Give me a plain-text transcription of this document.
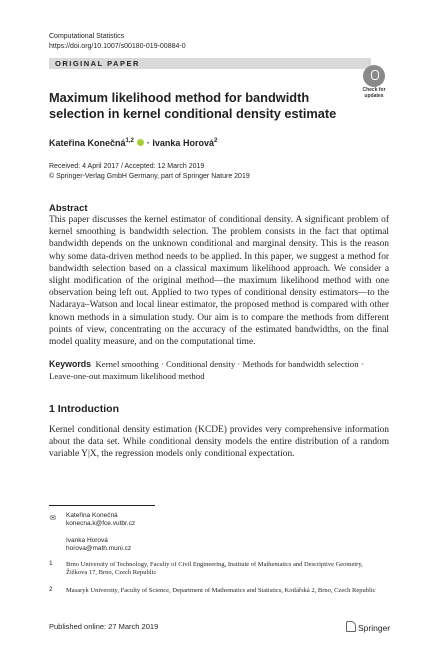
Computational Statistics
https://doi.org/10.1007/s00180-019-00884-0
ORIGINAL PAPER
Check for
updates
Maximum likelihood method for bandwidth selection in kernel conditional density estimate
Kateřina Konečná$^{1,2}$ · Ivanka Horová$^2$
Received: 4 April 2017 / Accepted: 12 March 2019
© Springer-Verlag GmbH Germany, part of Springer Nature 2019
Abstract
This paper discusses the kernel estimator of conditional density. A significant problem of kernel smoothing is bandwidth selection. The problem consists in the fact that optimal bandwidth depends on the unknown conditional and marginal density. This is the reason why some data-driven method needs to be applied. In this paper, we suggest a method for bandwidth selection based on a classical maximum likelihood approach. We consider a slight modification of the original method—the maximum likelihood method with one observation being left out. Applied to two types of conditional density estimators—to the Nadaraya–Watson and local linear estimator, the proposed method is compared with other known methods in a simulation study. Our aim is to compare the methods from different points of view, concentrating on the accuracy of the estimated bandwidths, on the final model quality measure, and on the computational time.
Keywords Kernel smoothing · Conditional density · Methods for bandwidth selection · Leave-one-out maximum likelihood method
1 Introduction
Kernel conditional density estimation (KCDE) provides very comprehensive information about the data set. While conditional density models the entire distribution of a random variable Y|X, the regression models only conditional expectation.
✉ Kateřina Konečná
konecna.k@fce.vutbr.cz
Ivanka Horová
horova@math.muni.cz
1 Brno University of Technology, Faculty of Civil Engineering, Institute of Mathematics and Descriptive Geometry, Žižkova 17, Brno, Czech Republic
2 Masaryk University, Faculty of Science, Department of Mathematics and Statistics, Kotlářská 2, Brno, Czech Republic
Published online: 27 March 2019	Springer
